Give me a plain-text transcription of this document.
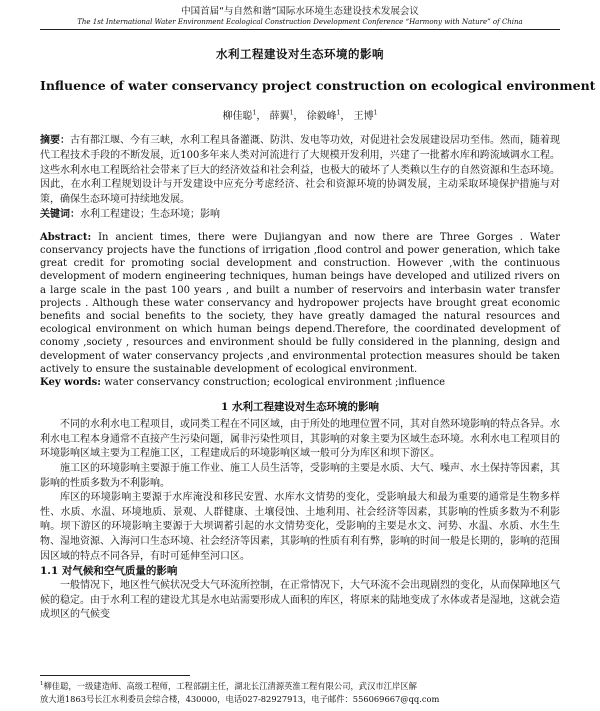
中国首届“与自然和谐”国际水环境生态建设技术发展会议
The 1st International Water Environment Ecological Construction Development Conference “Harmony with Nature” of China
水利工程建设对生态环境的影响
Influence of water conservancy project construction on ecological environment
柳佳聪$^1$， 薛翼$^1$， 徐毅峰$^1$， 王博$^1$
摘要：古有都江堰、今有三峡，水利工程具备灌溉、防洪、发电等功效，对促进社会发展建设居功至伟。然而，随着现代工程技术手段的不断发展，近100多年来人类对河流进行了大规模开发利用，兴建了一批蓄水库和跨流域调水工程。这些水利水电工程既给社会带来了巨大的经济效益和社会利益，也极大的破坏了人类赖以生存的自然资源和生态环境。因此，在水利工程规划设计与开发建设中应充分考虑经济、社会和资源环境的协调发展，主动采取环境保护措施与对策，确保生态环境可持续地发展。
关键词：水利工程建设；生态环境；影响
Abstract: In ancient times, there were Dujiangyan and now there are Three Gorges . Water conservancy projects have the functions of irrigation ,flood control and power generation, which take great credit for promoting social development and construction. However ,with the continuous development of modern engineering techniques, human beings have developed and utilized rivers on a large scale in the past 100 years , and built a number of reservoirs and interbasin water transfer projects . Although these water conservancy and hydropower projects have brought great economic benefits and social benefits to the society, they have greatly damaged the natural resources and ecological environment on which human beings depend.Therefore, the coordinated development of conomy ,society , resources and environment should be fully considered in the planning, design and development of water conservancy projects ,and environmental protection measures should be taken actively to ensure the sustainable development of ecological environment.
Key words: water conservancy construction; ecological environment ;influence
1 水利工程建设对生态环境的影响

不同的水利水电工程项目，或同类工程在不同区域，由于所处的地理位置不同，其对自然环境影响的特点各异。水利水电工程本身通常不直接产生污染问题，属非污染性项目，其影响的对象主要为区域生态环境。水利水电工程项目的环境影响区域主要为工程施工区，工程建成后的环境影响区域一般可分为库区和坝下游区。

施工区的环境影响主要源于施工作业、施工人员生活等，受影响的主要是水质、大气、噪声、水土保持等因素，其影响的性质多数为不利影响。

库区的环境影响主要源于水库淹没和移民安置、水库水文情势的变化，受影响最大和最为重要的通常是生物多样性、水质、水温、环境地质、景观、人群健康、土壤侵蚀、土地利用、社会经济等因素，其影响的性质多数为不利影响。坝下游区的环境影响主要源于大坝调蓄引起的水文情势变化，受影响的主要是水文、河势、水温、水质、水生生物、湿地资源、入海河口生态环境、社会经济等因素，其影响的性质有利有弊，影响的时间一般是长期的，影响的范围因区域的特点不同各异，有时可延伸至河口区。

1.1 对气候和空气质量的影响

一般情况下，地区性气候状况受大气环流所控制，在正常情况下，大气环流不会出现剧烈的变化，从而保障地区气候的稳定。由于水利工程的建设尤其是水电站需要形成人面积的库区，将原来的陆地变成了水体或者是湿地，这就会造成坝区的气候变

$^1$柳佳聪，一级建造师、高级工程师，工程部副主任，湖北长江清源英淮工程有限公司，武汉市江岸区解
放大道1863号长江水利委员会综合楼，430000，电话027-82927913，电子邮件：556069667@qq.com
